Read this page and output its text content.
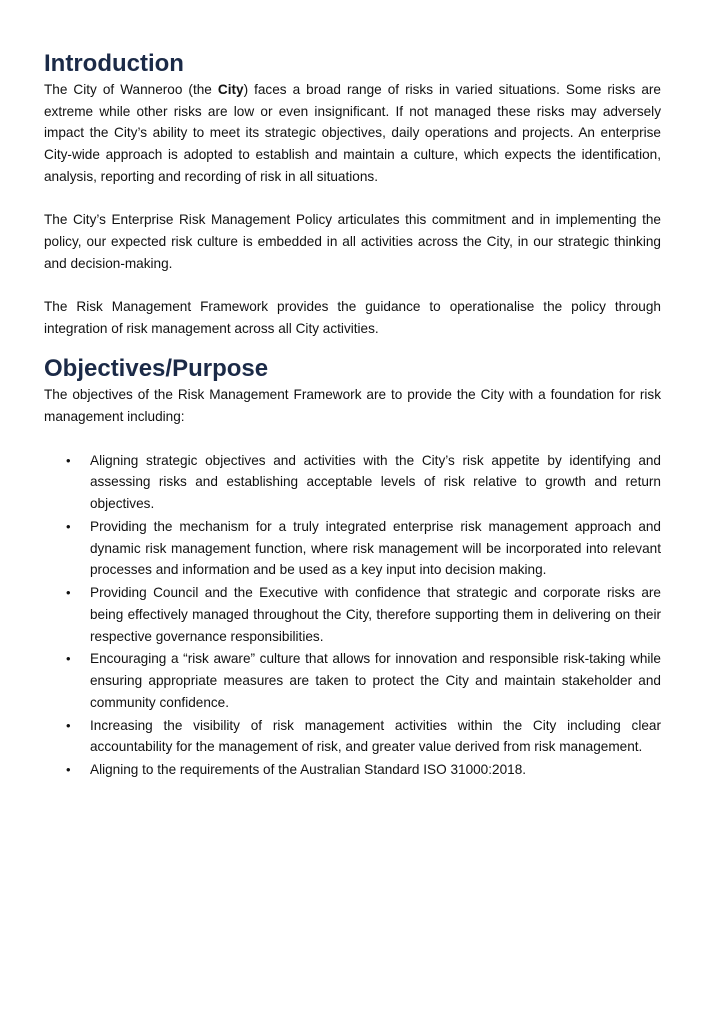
Introduction

The City of Wanneroo (the City) faces a broad range of risks in varied situations. Some risks are extreme while other risks are low or even insignificant. If not managed these risks may adversely impact the City’s ability to meet its strategic objectives, daily operations and projects. An enterprise City-wide approach is adopted to establish and maintain a culture, which expects the identification, analysis, reporting and recording of risk in all situations.

The City’s Enterprise Risk Management Policy articulates this commitment and in implementing the policy, our expected risk culture is embedded in all activities across the City, in our strategic thinking and decision-making.

The Risk Management Framework provides the guidance to operationalise the policy through integration of risk management across all City activities.

Objectives/Purpose

The objectives of the Risk Management Framework are to provide the City with a foundation for risk management including:

• Aligning strategic objectives and activities with the City’s risk appetite by identifying and assessing risks and establishing acceptable levels of risk relative to growth and return objectives.
• Providing the mechanism for a truly integrated enterprise risk management approach and dynamic risk management function, where risk management will be incorporated into relevant processes and information and be used as a key input into decision making.
• Providing Council and the Executive with confidence that strategic and corporate risks are being effectively managed throughout the City, therefore supporting them in delivering on their respective governance responsibilities.
• Encouraging a “risk aware” culture that allows for innovation and responsible risk-taking while ensuring appropriate measures are taken to protect the City and maintain stakeholder and community confidence.
• Increasing the visibility of risk management activities within the City including clear accountability for the management of risk, and greater value derived from risk management.
• Aligning to the requirements of the Australian Standard ISO 31000:2018.
